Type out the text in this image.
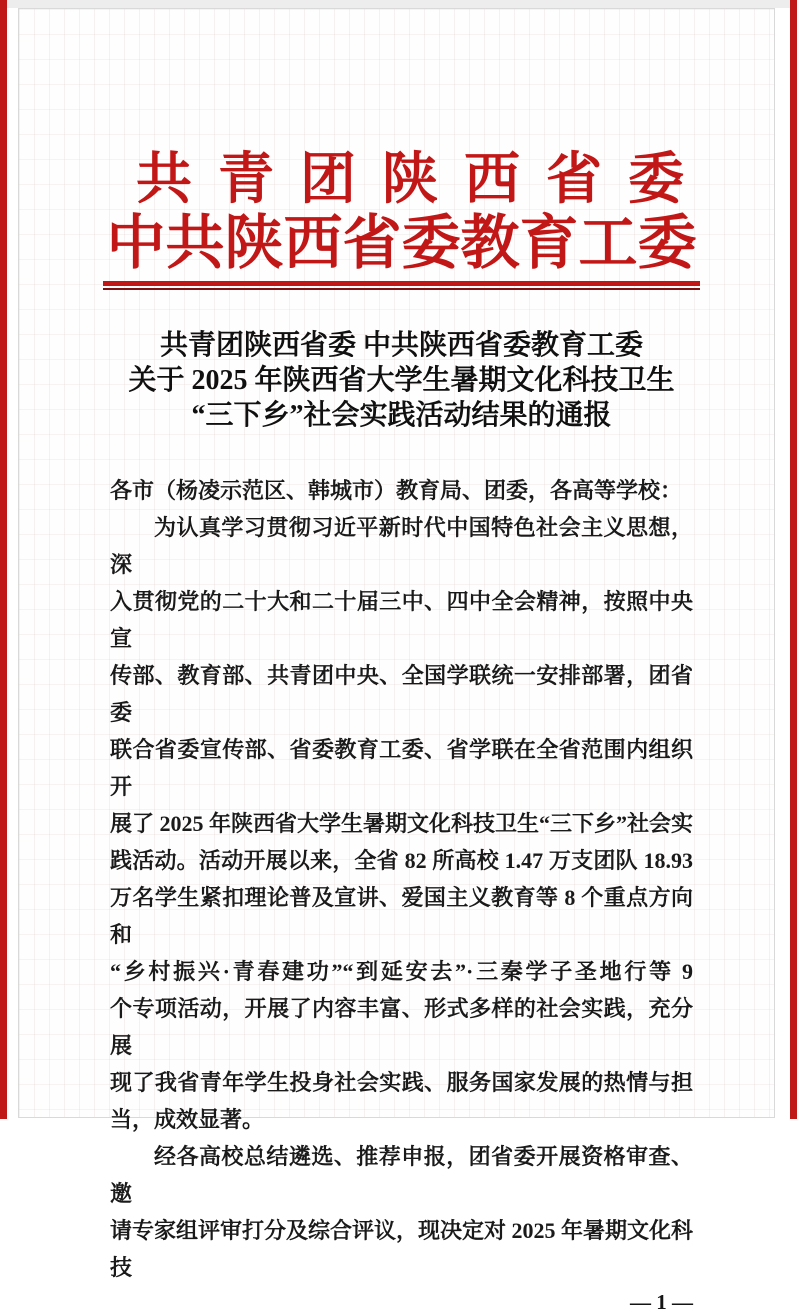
共青团陕西省委
中共陕西省委教育工委
共青团陕西省委 中共陕西省委教育工委
关于 2025 年陕西省大学生暑期文化科技卫生
“三下乡”社会实践活动结果的通报
各市（杨凌示范区、韩城市）教育局、团委，各高等学校：
为认真学习贯彻习近平新时代中国特色社会主义思想，深
入贯彻党的二十大和二十届三中、四中全会精神，按照中央宣
传部、教育部、共青团中央、全国学联统一安排部署，团省委
联合省委宣传部、省委教育工委、省学联在全省范围内组织开
展了 2025 年陕西省大学生暑期文化科技卫生“三下乡”社会实
践活动。活动开展以来，全省 82 所高校 1.47 万支团队 18.93
万名学生紧扣理论普及宣讲、爱国主义教育等 8 个重点方向和
“乡村振兴·青春建功”“到延安去”·三秦学子圣地行等 9
个专项活动，开展了内容丰富、形式多样的社会实践，充分展
现了我省青年学生投身社会实践、服务国家发展的热情与担
当，成效显著。
经各高校总结遴选、推荐申报，团省委开展资格审查、邀
请专家组评审打分及综合评议，现决定对 2025 年暑期文化科技
— 1 —
